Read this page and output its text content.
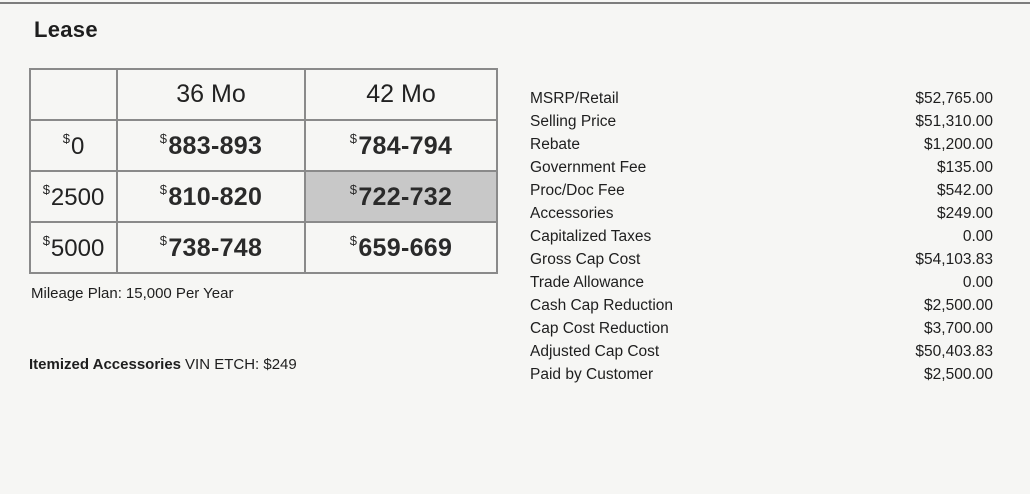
Lease
	36 Mo	42 Mo
$0	$883-893	$784-794
$2500	$810-820	$722-732
$5000	$738-748	$659-669
Mileage Plan: 15,000 Per Year
Itemized Accessories VIN ETCH: $249
MSRP/Retail	$52,765.00
Selling Price	$51,310.00
Rebate	$1,200.00
Government Fee	$135.00
Proc/Doc Fee	$542.00
Accessories	$249.00
Capitalized Taxes	0.00
Gross Cap Cost	$54,103.83
Trade Allowance	0.00
Cash Cap Reduction	$2,500.00
Cap Cost Reduction	$3,700.00
Adjusted Cap Cost	$50,403.83
Paid by Customer	$2,500.00
